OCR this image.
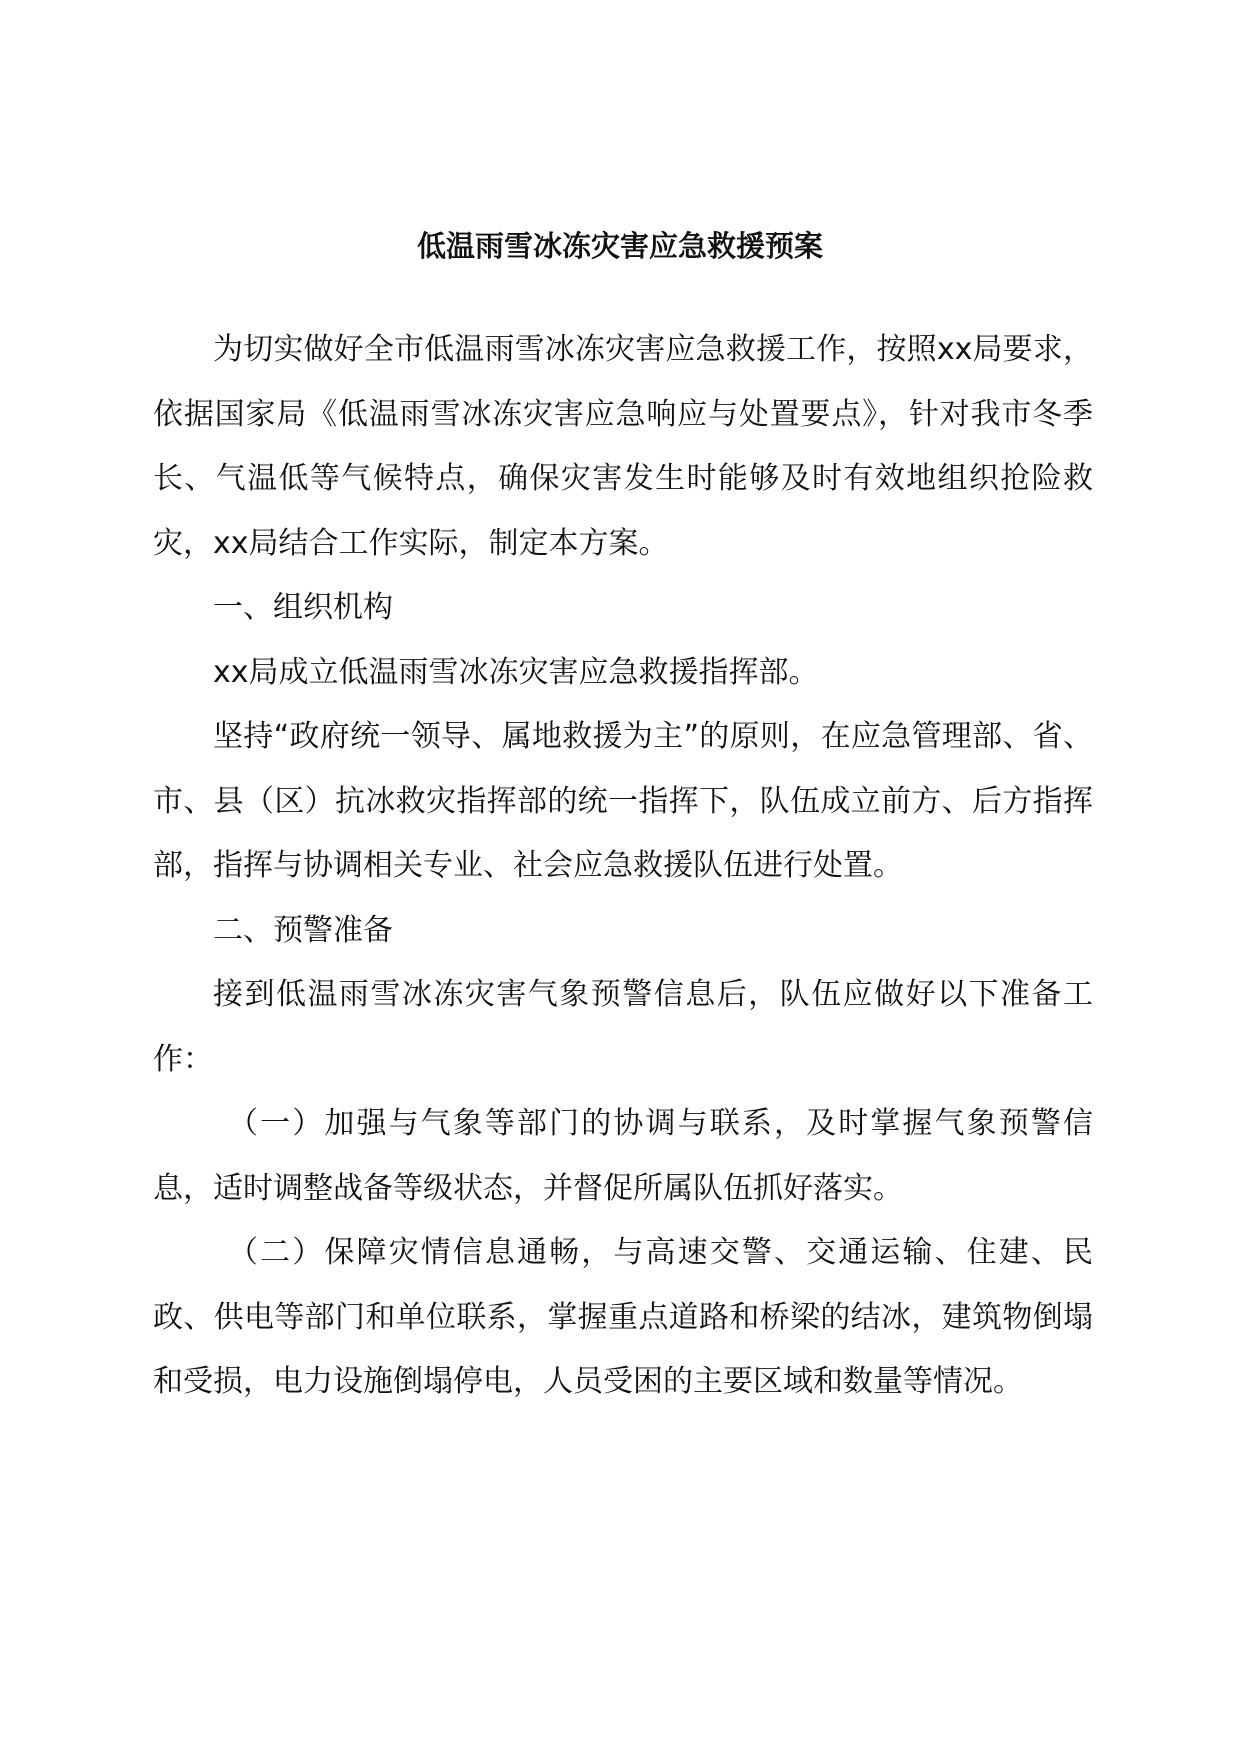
低温雨雪冰冻灾害应急救援预案

为切实做好全市低温雨雪冰冻灾害应急救援工作，按照xx局要求，依据国家局《低温雨雪冰冻灾害应急响应与处置要点》，针对我市冬季长、气温低等气候特点，确保灾害发生时能够及时有效地组织抢险救灾，xx局结合工作实际，制定本方案。

一、组织机构

xx局成立低温雨雪冰冻灾害应急救援指挥部。

坚持“政府统一领导、属地救援为主”的原则，在应急管理部、省、市、县（区）抗冰救灾指挥部的统一指挥下，队伍成立前方、后方指挥部，指挥与协调相关专业、社会应急救援队伍进行处置。

二、预警准备

接到低温雨雪冰冻灾害气象预警信息后，队伍应做好以下准备工作：

（一）加强与气象等部门的协调与联系，及时掌握气象预警信息，适时调整战备等级状态，并督促所属队伍抓好落实。

（二）保障灾情信息通畅，与高速交警、交通运输、住建、民政、供电等部门和单位联系，掌握重点道路和桥梁的结冰，建筑物倒塌和受损，电力设施倒塌停电，人员受困的主要区域和数量等情况。
